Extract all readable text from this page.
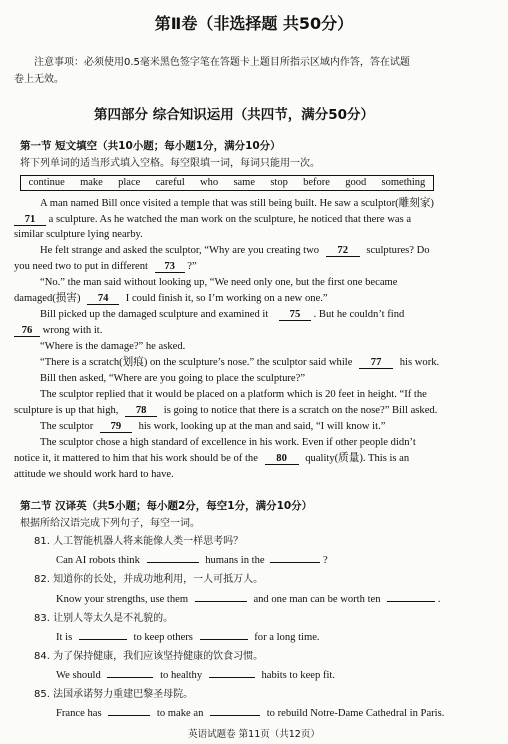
第Ⅱ卷（非选择题 共50分）
注意事项：必须使用0.5毫米黑色签字笔在答题卡上题目所指示区域内作答，答在试题
卷上无效。
第四部分 综合知识运用（共四节，满分50分）
第一节 短文填空（共10小题；每小题1分，满分10分）
将下列单词的适当形式填入空格。每空限填一词，每词只能用一次。
continue make place careful who same stop before good something
A man named Bill once visited a temple that was still being built. He saw a sculptor(雕刻家)
71 a sculpture. As he watched the man work on the sculpture, he noticed that there was a
similar sculpture lying nearby.
He felt strange and asked the sculptor, “Why are you creating two 72 sculptures? Do
you need two to put in different 73 ?”
“No.” the man said without looking up, “We need only one, but the first one became
damaged(损害) 74 I could finish it, so I’m working on a new one.”
Bill picked up the damaged sculpture and examined it 75 . But he couldn’t find
76 wrong with it.
“Where is the damage?” he asked.
“There is a scratch(划痕) on the sculpture’s nose.” the sculptor said while 77 his work.
Bill then asked, “Where are you going to place the sculpture?”
The sculptor replied that it would be placed on a platform which is 20 feet in height. “If the
sculpture is up that high, 78 is going to notice that there is a scratch on the nose?” Bill asked.
The sculptor 79 his work, looking up at the man and said, “I will know it.”
The sculptor chose a high standard of excellence in his work. Even if other people didn’t
notice it, it mattered to him that his work should be of the 80 quality(质量). This is an
attitude we should work hard to have.
第二节 汉译英（共5小题；每小题2分，每空1分，满分10分）
根据所给汉语完成下列句子，每空一词。
81. 人工智能机器人将来能像人类一样思考吗？
Can AI robots think	humans in the	?
82. 知道你的长处，并成功地利用，一人可抵万人。
Know your strengths, use them	and one man can be worth ten	.
83. 让别人等太久是不礼貌的。
It is	to keep others	for a long time.
84. 为了保持健康，我们应该坚持健康的饮食习惯。
We should	to healthy	habits to keep fit.
85. 法国承诺努力重建巴黎圣母院。
France has	to make an	to rebuild Notre-Dame Cathedral in Paris.
英语试题卷 第11页（共12页）
